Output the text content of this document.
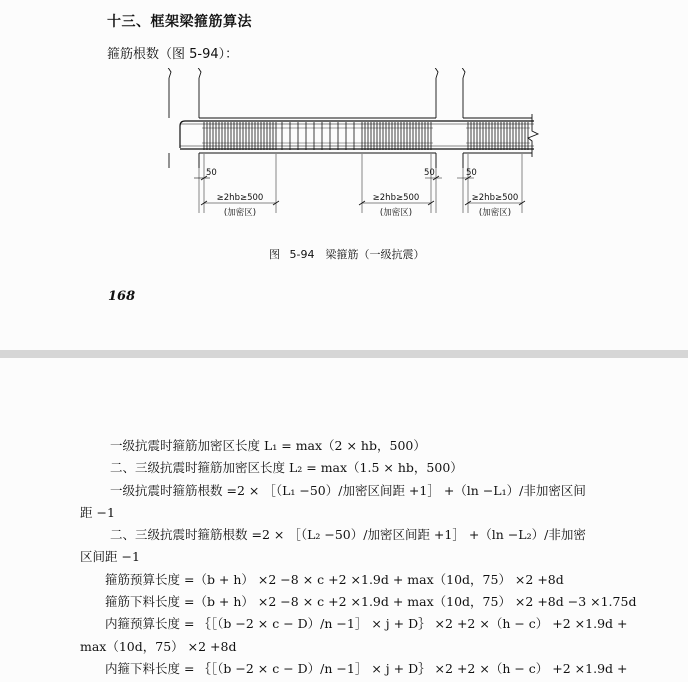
十三、框架梁箍筋算法
箍筋根数（图 5-94）：
50	50	50
≥2hb≥500
(加密区)
≥2hb≥500
(加密区)
≥2hb≥500
(加密区)
图 5-94　梁箍筋（一级抗震）
168
一级抗震时箍筋加密区长度 L₁ = max（2 × hb，500）
二、三级抗震时箍筋加密区长度 L₂ = max（1.5 × hb，500）
一级抗震时箍筋根数 =2 × ［（L₁ −50）/加密区间距 +1］ +（ln −L₁）/非加密区间
距 −1
二、三级抗震时箍筋根数 =2 × ［（L₂ −50）/加密区间距 +1］ +（ln −L₂）/非加密
区间距 −1
箍筋预算长度 =（b + h） ×2 −8 × c +2 ×1.9d + max（10d，75） ×2 +8d
箍筋下料长度 =（b + h） ×2 −8 × c +2 ×1.9d + max（10d，75） ×2 +8d −3 ×1.75d
内箍预算长度 = ｛［（b −2 × c − D）/n −1］ × j + D｝ ×2 +2 ×（h − c） +2 ×1.9d +
max（10d，75） ×2 +8d
内箍下料长度 = ｛［（b −2 × c − D）/n −1］ × j + D｝ ×2 +2 ×（h − c） +2 ×1.9d +
